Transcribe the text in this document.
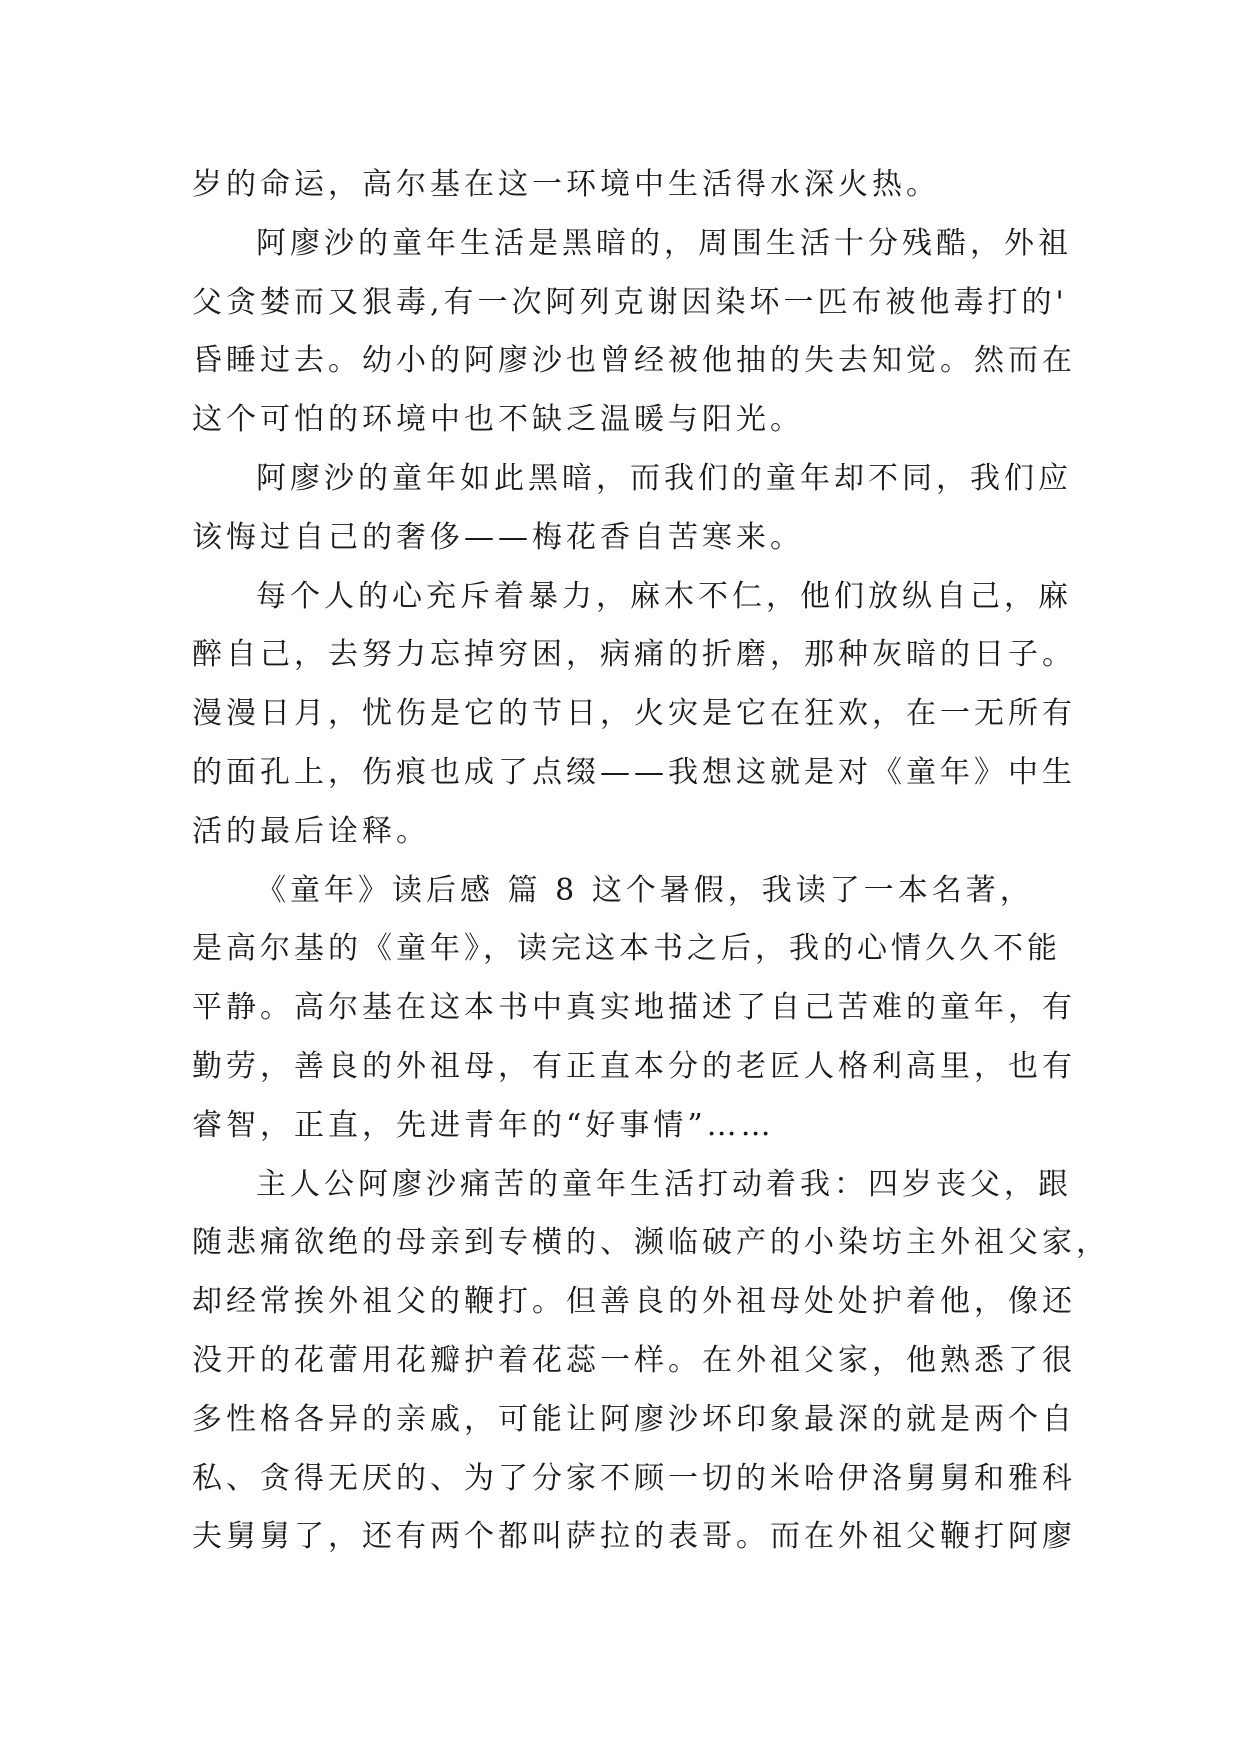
岁的命运，高尔基在这一环境中生活得水深火热。

阿廖沙的童年生活是黑暗的，周围生活十分残酷，外祖

父贪婪而又狠毒,有一次阿列克谢因染坏一匹布被他毒打的'

昏睡过去。幼小的阿廖沙也曾经被他抽的失去知觉。然而在

这个可怕的环境中也不缺乏温暖与阳光。

阿廖沙的童年如此黑暗，而我们的童年却不同，我们应

该悔过自己的奢侈——梅花香自苦寒来。

每个人的心充斥着暴力，麻木不仁，他们放纵自己，麻

醉自己，去努力忘掉穷困，病痛的折磨，那种灰暗的日子。

漫漫日月，忧伤是它的节日，火灾是它在狂欢，在一无所有

的面孔上，伤痕也成了点缀——我想这就是对《童年》中生

活的最后诠释。

《童年》读后感 篇 8 这个暑假，我读了一本名著，

是高尔基的《童年》，读完这本书之后，我的心情久久不能

平静。高尔基在这本书中真实地描述了自己苦难的童年，有

勤劳，善良的外祖母，有正直本分的老匠人格利高里，也有

睿智，正直，先进青年的“好事情”……

主人公阿廖沙痛苦的童年生活打动着我：四岁丧父，跟

随悲痛欲绝的母亲到专横的、濒临破产的小染坊主外祖父家，

却经常挨外祖父的鞭打。但善良的外祖母处处护着他，像还

没开的花蕾用花瓣护着花蕊一样。在外祖父家，他熟悉了很

多性格各异的亲戚，可能让阿廖沙坏印象最深的就是两个自

私、贪得无厌的、为了分家不顾一切的米哈伊洛舅舅和雅科

夫舅舅了，还有两个都叫萨拉的表哥。而在外祖父鞭打阿廖
